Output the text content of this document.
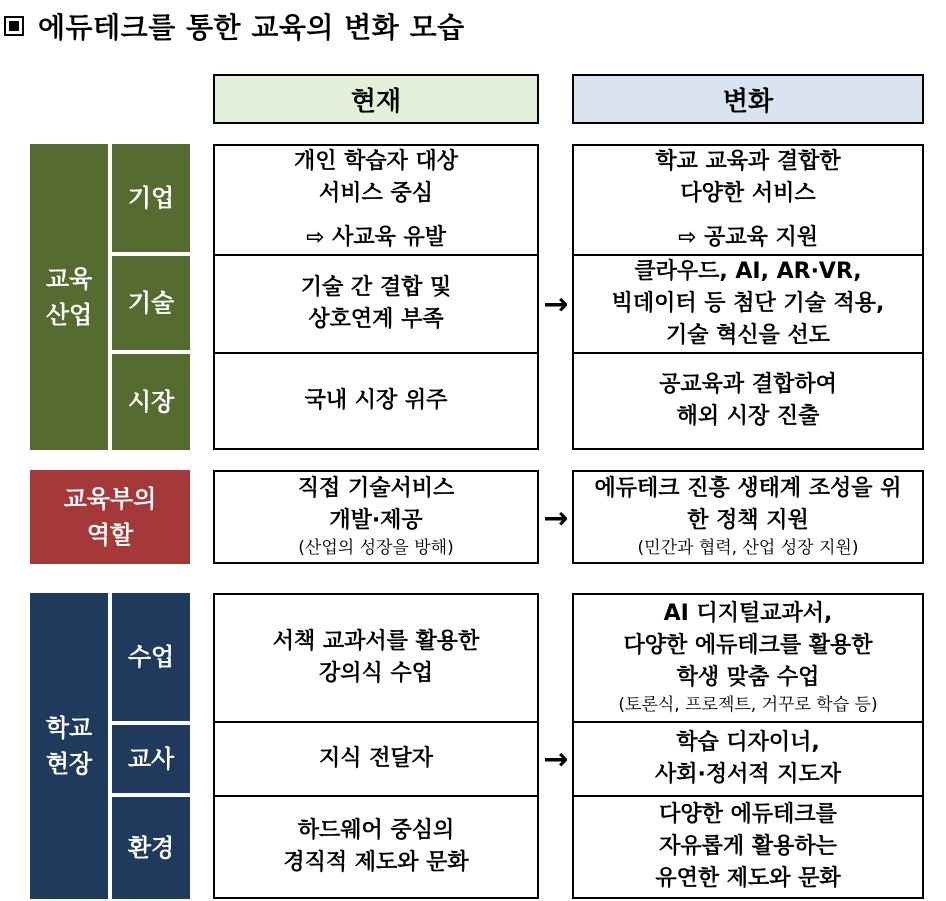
에듀테크를 통한 교육의 변화 모습
현재	변화
교육
산업
기업
기술
시장
개인 학습자 대상
서비스 중심
⇨ 사교육 유발
기술 간 결합 및
상호연계 부족
국내 시장 위주
→
학교 교육과 결합한
다양한 서비스
⇨ 공교육 지원
클라우드, AI, AR·VR,
빅데이터 등 첨단 기술 적용,
기술 혁신을 선도
공교육과 결합하여
해외 시장 진출
교육부의
역할
직접 기술서비스
개발·제공
(산업의 성장을 방해)
→
에듀테크 진흥 생태계 조성을 위
한 정책 지원
(민간과 협력, 산업 성장 지원)
학교
현장
수업
교사
환경
서책 교과서를 활용한
강의식 수업
지식 전달자
하드웨어 중심의
경직적 제도와 문화
→
AI 디지털교과서,
다양한 에듀테크를 활용한
학생 맞춤 수업
(토론식, 프로젝트, 거꾸로 학습 등)
학습 디자이너,
사회·정서적 지도자
다양한 에듀테크를
자유롭게 활용하는
유연한 제도와 문화
